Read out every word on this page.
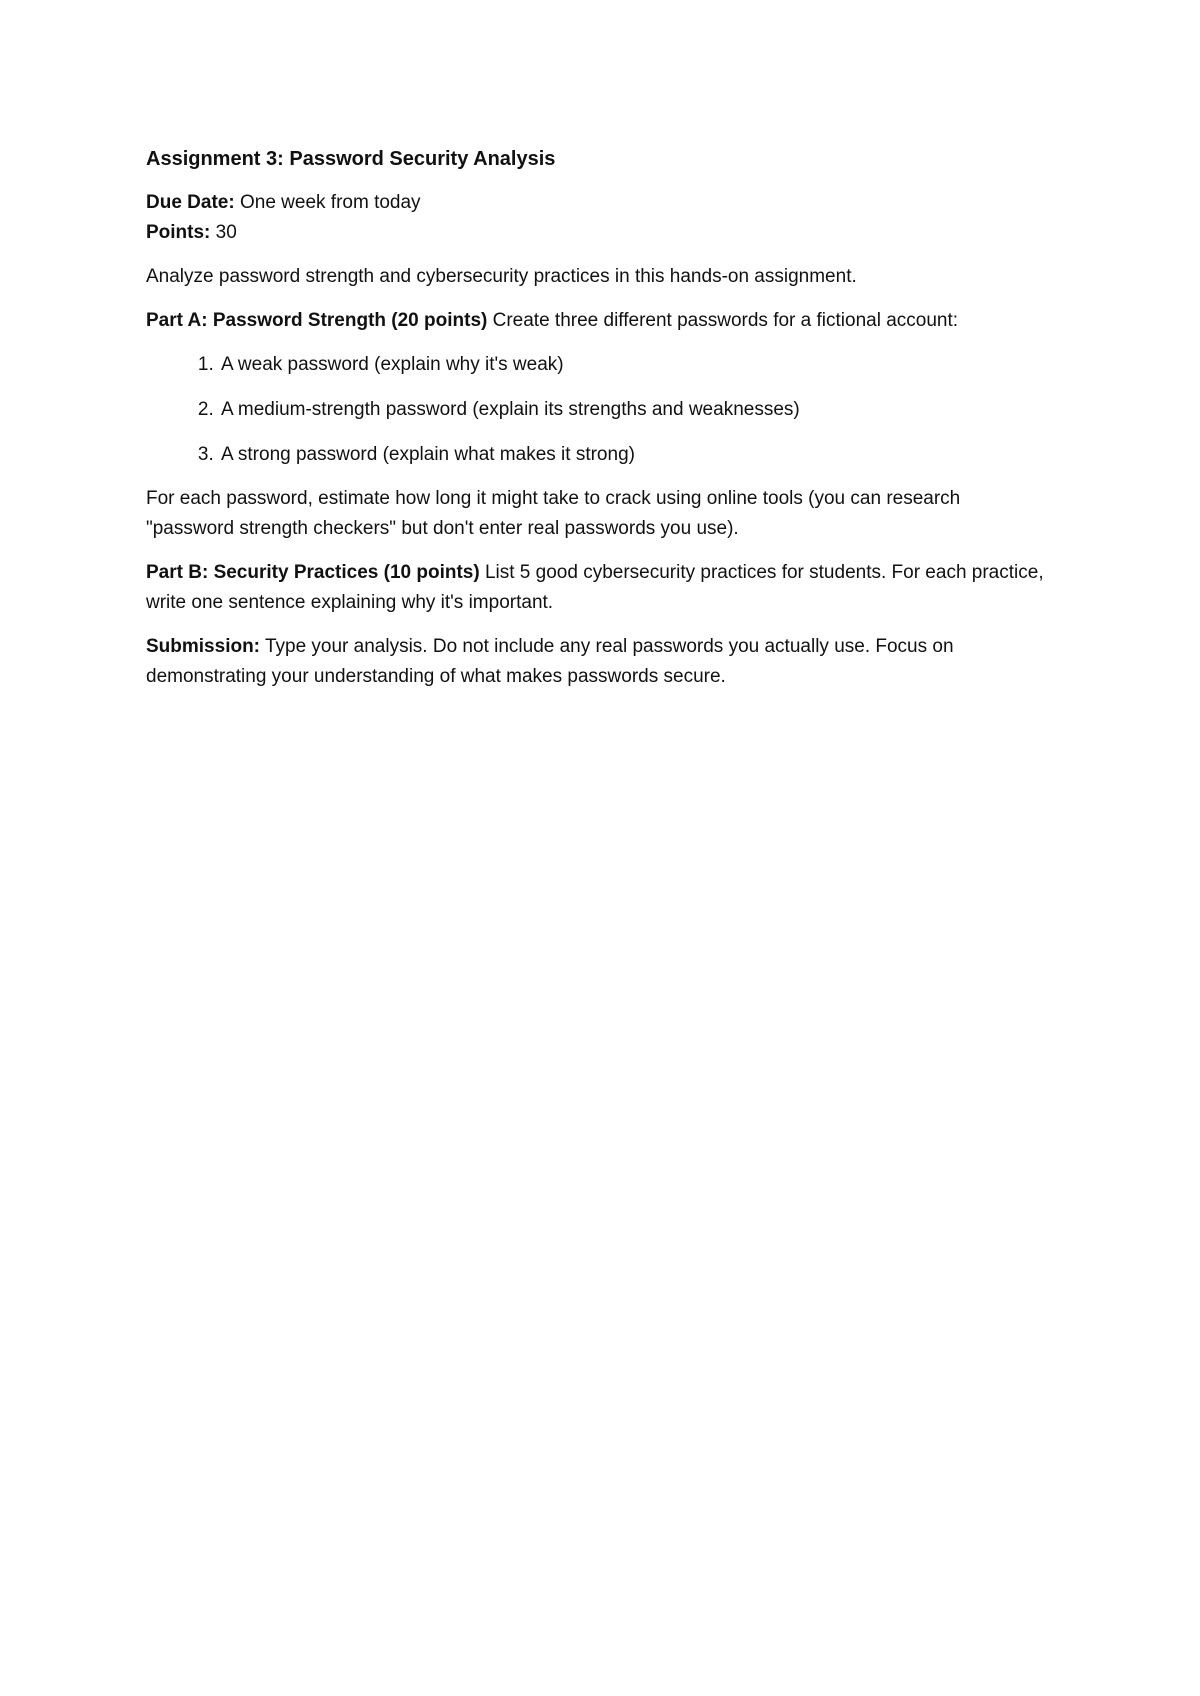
Assignment 3: Password Security Analysis
Due Date: One week from today
Points: 30

Analyze password strength and cybersecurity practices in this hands-on assignment.

Part A: Password Strength (20 points) Create three different passwords for a fictional account:

1. A weak password (explain why it's weak)
2. A medium-strength password (explain its strengths and weaknesses)
3. A strong password (explain what makes it strong)

For each password, estimate how long it might take to crack using online tools (you can research "password strength checkers" but don't enter real passwords you use).

Part B: Security Practices (10 points) List 5 good cybersecurity practices for students. For each practice, write one sentence explaining why it's important.

Submission: Type your analysis. Do not include any real passwords you actually use. Focus on demonstrating your understanding of what makes passwords secure.
